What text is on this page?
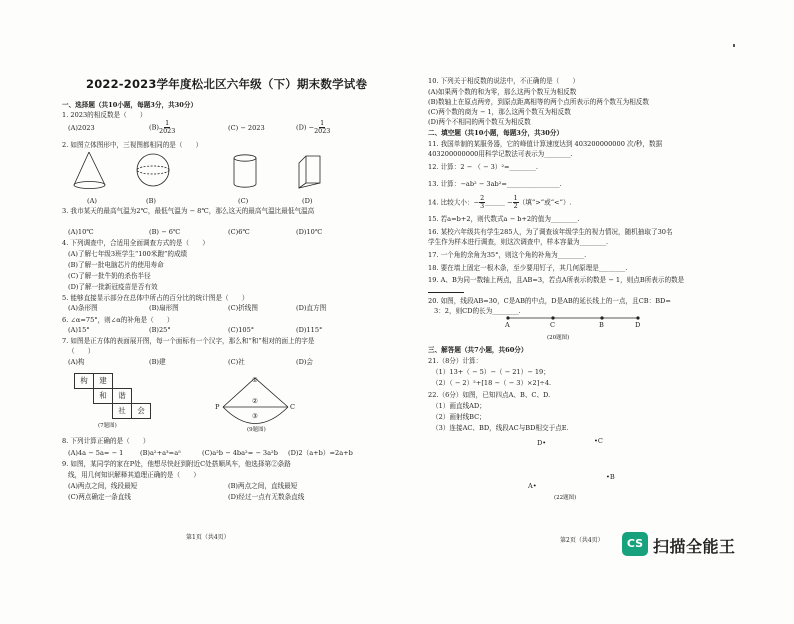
2022-2023学年度松北区六年级（下）期末数学试卷
一、选择题（共10小题，每题3分，共30分）
1. 2023的相反数是（　　）
(A)2023	$(B) \frac{1}{2023}$	(C) − 2023	$(D) - \frac{1}{2023}$
2. 如图立体图形中，三视图都相同的是（　　）
(A)	(B)	(C)	(D)
3. 我市某天的最高气温为2℃，最低气温为 − 8℃，那么这天的最高气温比最低气温高
(A)10℃	(B) − 6℃	(C)6℃	(D)10℃
4. 下列调查中，合适用全面调查方式的是（　　）
(A)了解七年级3班学生“100米跑”的成绩
(B)了解一批电脑芯片的使用寿命
(C)了解一批牛奶的杀伤半径
(D)了解一批新冠疫苗是否有效
5. 能够直接显示部分在总体中所占的百分比的统计图是（　　）
(A)条形图	(B)扇形图	(C)折线图	(D)直方图
6. ∠α=75°，则∠α的补角是（　　）
(A)15°	(B)25°	(C)105°	(D)115°
7. 如图是正方体的表面展开图，每一个面标有一个汉字，那么和“和”相对的面上的字是
（　　）
(A)构	(B)建	(C)社	(D)会
构	建
和	谐
社	会
(7题图)
P	C
①
②
③
(9题图)
8. 下列计算正确的是（　　）
(A)4a − 5a= − 1	(B)a²+a³=a⁵	(C)a²b − 4ba²= − 3a²b (D)2（a+b）=2a+b
9. 如图，某同学的家在P处，他想尽快赶到附近C处搭顺风车，他选择第②条路
线，用几何知识解释其道理正确的是（　　）
(A)两点之间，线段最短	(B)两点之间，直线最短
(C)两点确定一条直线	(D)经过一点有无数条直线
第1页（共4页）
10. 下列关于相反数的说法中，不正确的是（　　）
(A)如果两个数的和为零，那么这两个数互为相反数
(B)数轴上在原点两旁，到原点距离相等的两个点所表示的两个数互为相反数
(C)两个数的商为 − 1，那么这两个数互为相反数
(D)两个不相同的两个数互为相反数
二、填空题（共10小题，每题3分，共30分）
11. 我国单制的某服务器，它的峰值计算速度达到 403200000000 次/秒，数据
403200000000用科学记数法可表示为________.
12. 计算：2 − （ − 3）²=________.
13. 计算：−ab² − 3ab²=________________.
14. 比较大小：− $\frac{2}{3}$ ______ − $\frac{1}{2}$ （填“>”或“<”）.
15. 若a=b+2，则代数式a − b+2的值为________.
16. 某校六年级共有学生285人，为了调查该年级学生的视力情况，随机抽取了30名
学生作为样本进行调查，则这次调查中，样本容量为________.
17. 一个角的余角为35°，则这个角的补角为________.
18. 要在墙上固定一根木条，至少要用钉子，其几何原理是________.
19. A、B为同一数轴上两点，且AB=3，若点A所表示的数是 − 1，则点B所表示的数是
20. 如图，线段AB=30，C是AB的中点，D是AB的延长线上的一点，且CB：BD=
3：2，则CD的长为________.
A	C	B	D
(20题图)
三、解答题（共7小题，共60分）
21.（8分）计算：
（1）13+（ − 5）−（ − 21）− 19；
（2）（ − 2）²+[18 −（ − 3）×2]÷4.
22.（6分）如图，已知四点A、B、C、D.
（1）画直线AD；
（2）画射线BC；
（3）连接AC、BD，线段AC与BD相交于点E.
D•	•C
•B
A•
(22题图)
第2页（共4页）	CS 扫描全能王
